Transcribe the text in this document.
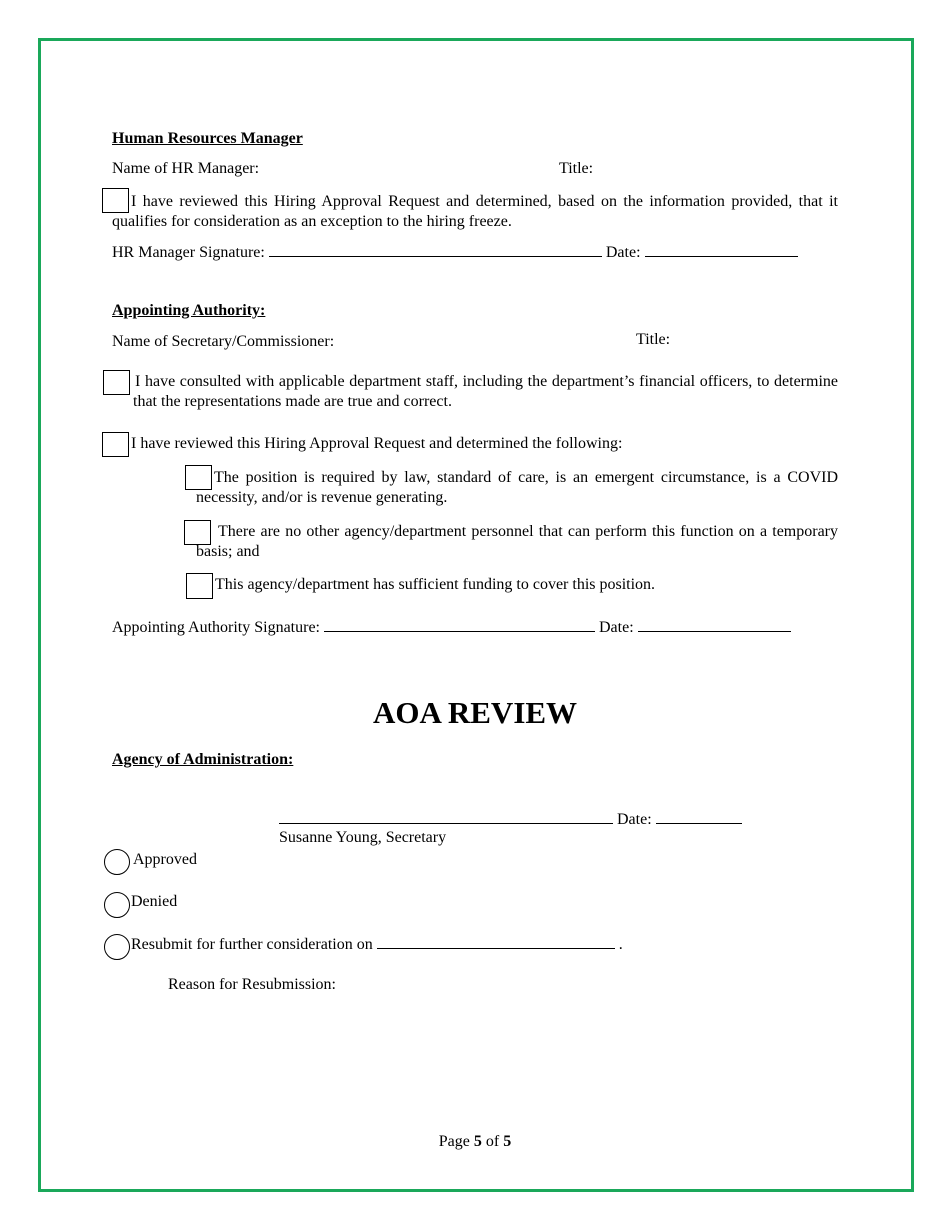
Human Resources Manager
Name of HR Manager:	Title:
I have reviewed this Hiring Approval Request and determined, based on the information provided, that it qualifies for consideration as an exception to the hiring freeze.
HR Manager Signature:	Date:
Appointing Authority:
Name of Secretary/Commissioner:	Title:
I have consulted with applicable department staff, including the department’s financial officers, to determine that the representations made are true and correct.
I have reviewed this Hiring Approval Request and determined the following:
The position is required by law, standard of care, is an emergent circumstance, is a COVID necessity, and/or is revenue generating.
There are no other agency/department personnel that can perform this function on a temporary basis; and
This agency/department has sufficient funding to cover this position.
Appointing Authority Signature:	Date:
AOA REVIEW
Agency of Administration:
Date:
Susanne Young, Secretary
Approved
Denied
Resubmit for further consideration on	.
Reason for Resubmission:
Page 5 of 5
